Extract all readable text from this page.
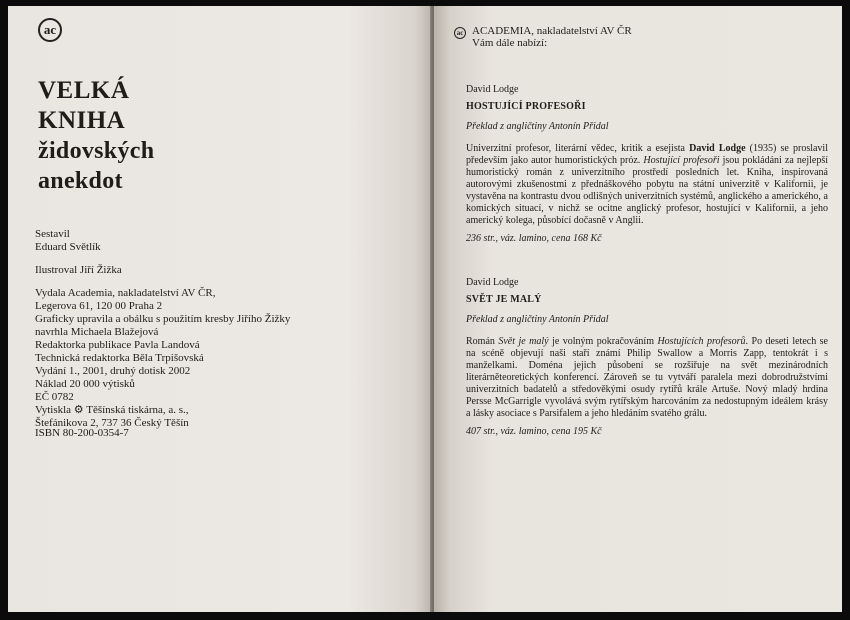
ac
VELKÁ
KNIHA
židovských
anekdot
Sestavil
Eduard Světlík
Ilustroval Jiří Žižka
Vydala Academia, nakladatelství AV ČR,
Legerova 61, 120 00 Praha 2
Graficky upravila a obálku s použitím kresby Jiřího Žižky
navrhla Michaela Blažejová
Redaktorka publikace Pavla Landová
Technická redaktorka Běla Trpišovská
Vydání 1., 2001, druhý dotisk 2002
Náklad 20 000 výtisků
EČ 0782
Vytiskla ⚙ Těšínská tiskárna, a. s.,
Štefánikova 2, 737 36 Český Těšín
ISBN 80-200-0354-7
ac ACADEMIA, nakladatelství AV ČR
Vám dále nabízí:
David Lodge
HOSTUJÍCÍ PROFESOŘI
Překlad z angličtiny Antonín Přidal
Univerzitní profesor, literární vědec, kritik a esejista David Lodge (1935) se proslavil především jako autor humoristických próz. Hostující profesoři jsou pokládáni za nejlepší humoristický román z univerzitního prostředí posledních let. Kniha, inspirovaná autorovými zkušenostmi z přednáškového pobytu na státní univerzitě v Kalifornii, je vystavěna na kontrastu dvou odlišných univerzitních systémů, anglického a amerického, a komických situací, v nichž se ocitne anglický profesor, hostující v Kalifornii, a jeho americký kolega, působící dočasně v Anglii.
236 str., váz. lamino, cena 168 Kč
David Lodge
SVĚT JE MALÝ
Překlad z angličtiny Antonín Přidal
Román Svět je malý je volným pokračováním Hostujících profesorů. Po deseti letech se na scéně objevují naši staří známí Philip Swallow a Morris Zapp, tentokrát i s manželkami. Doména jejich působení se rozšiřuje na svět mezinárodních literárněteoretických konferencí. Zároveň se tu vytváří paralela mezi dobrodružstvími univerzitních badatelů a středověkými osudy rytířů krále Artuše. Nový mladý hrdina Persse McGarrigle vyvolává svým rytířským harcováním za nedostupným ideálem krásy a lásky asociace s Parsifalem a jeho hledáním svatého grálu.
407 str., váz. lamino, cena 195 Kč
